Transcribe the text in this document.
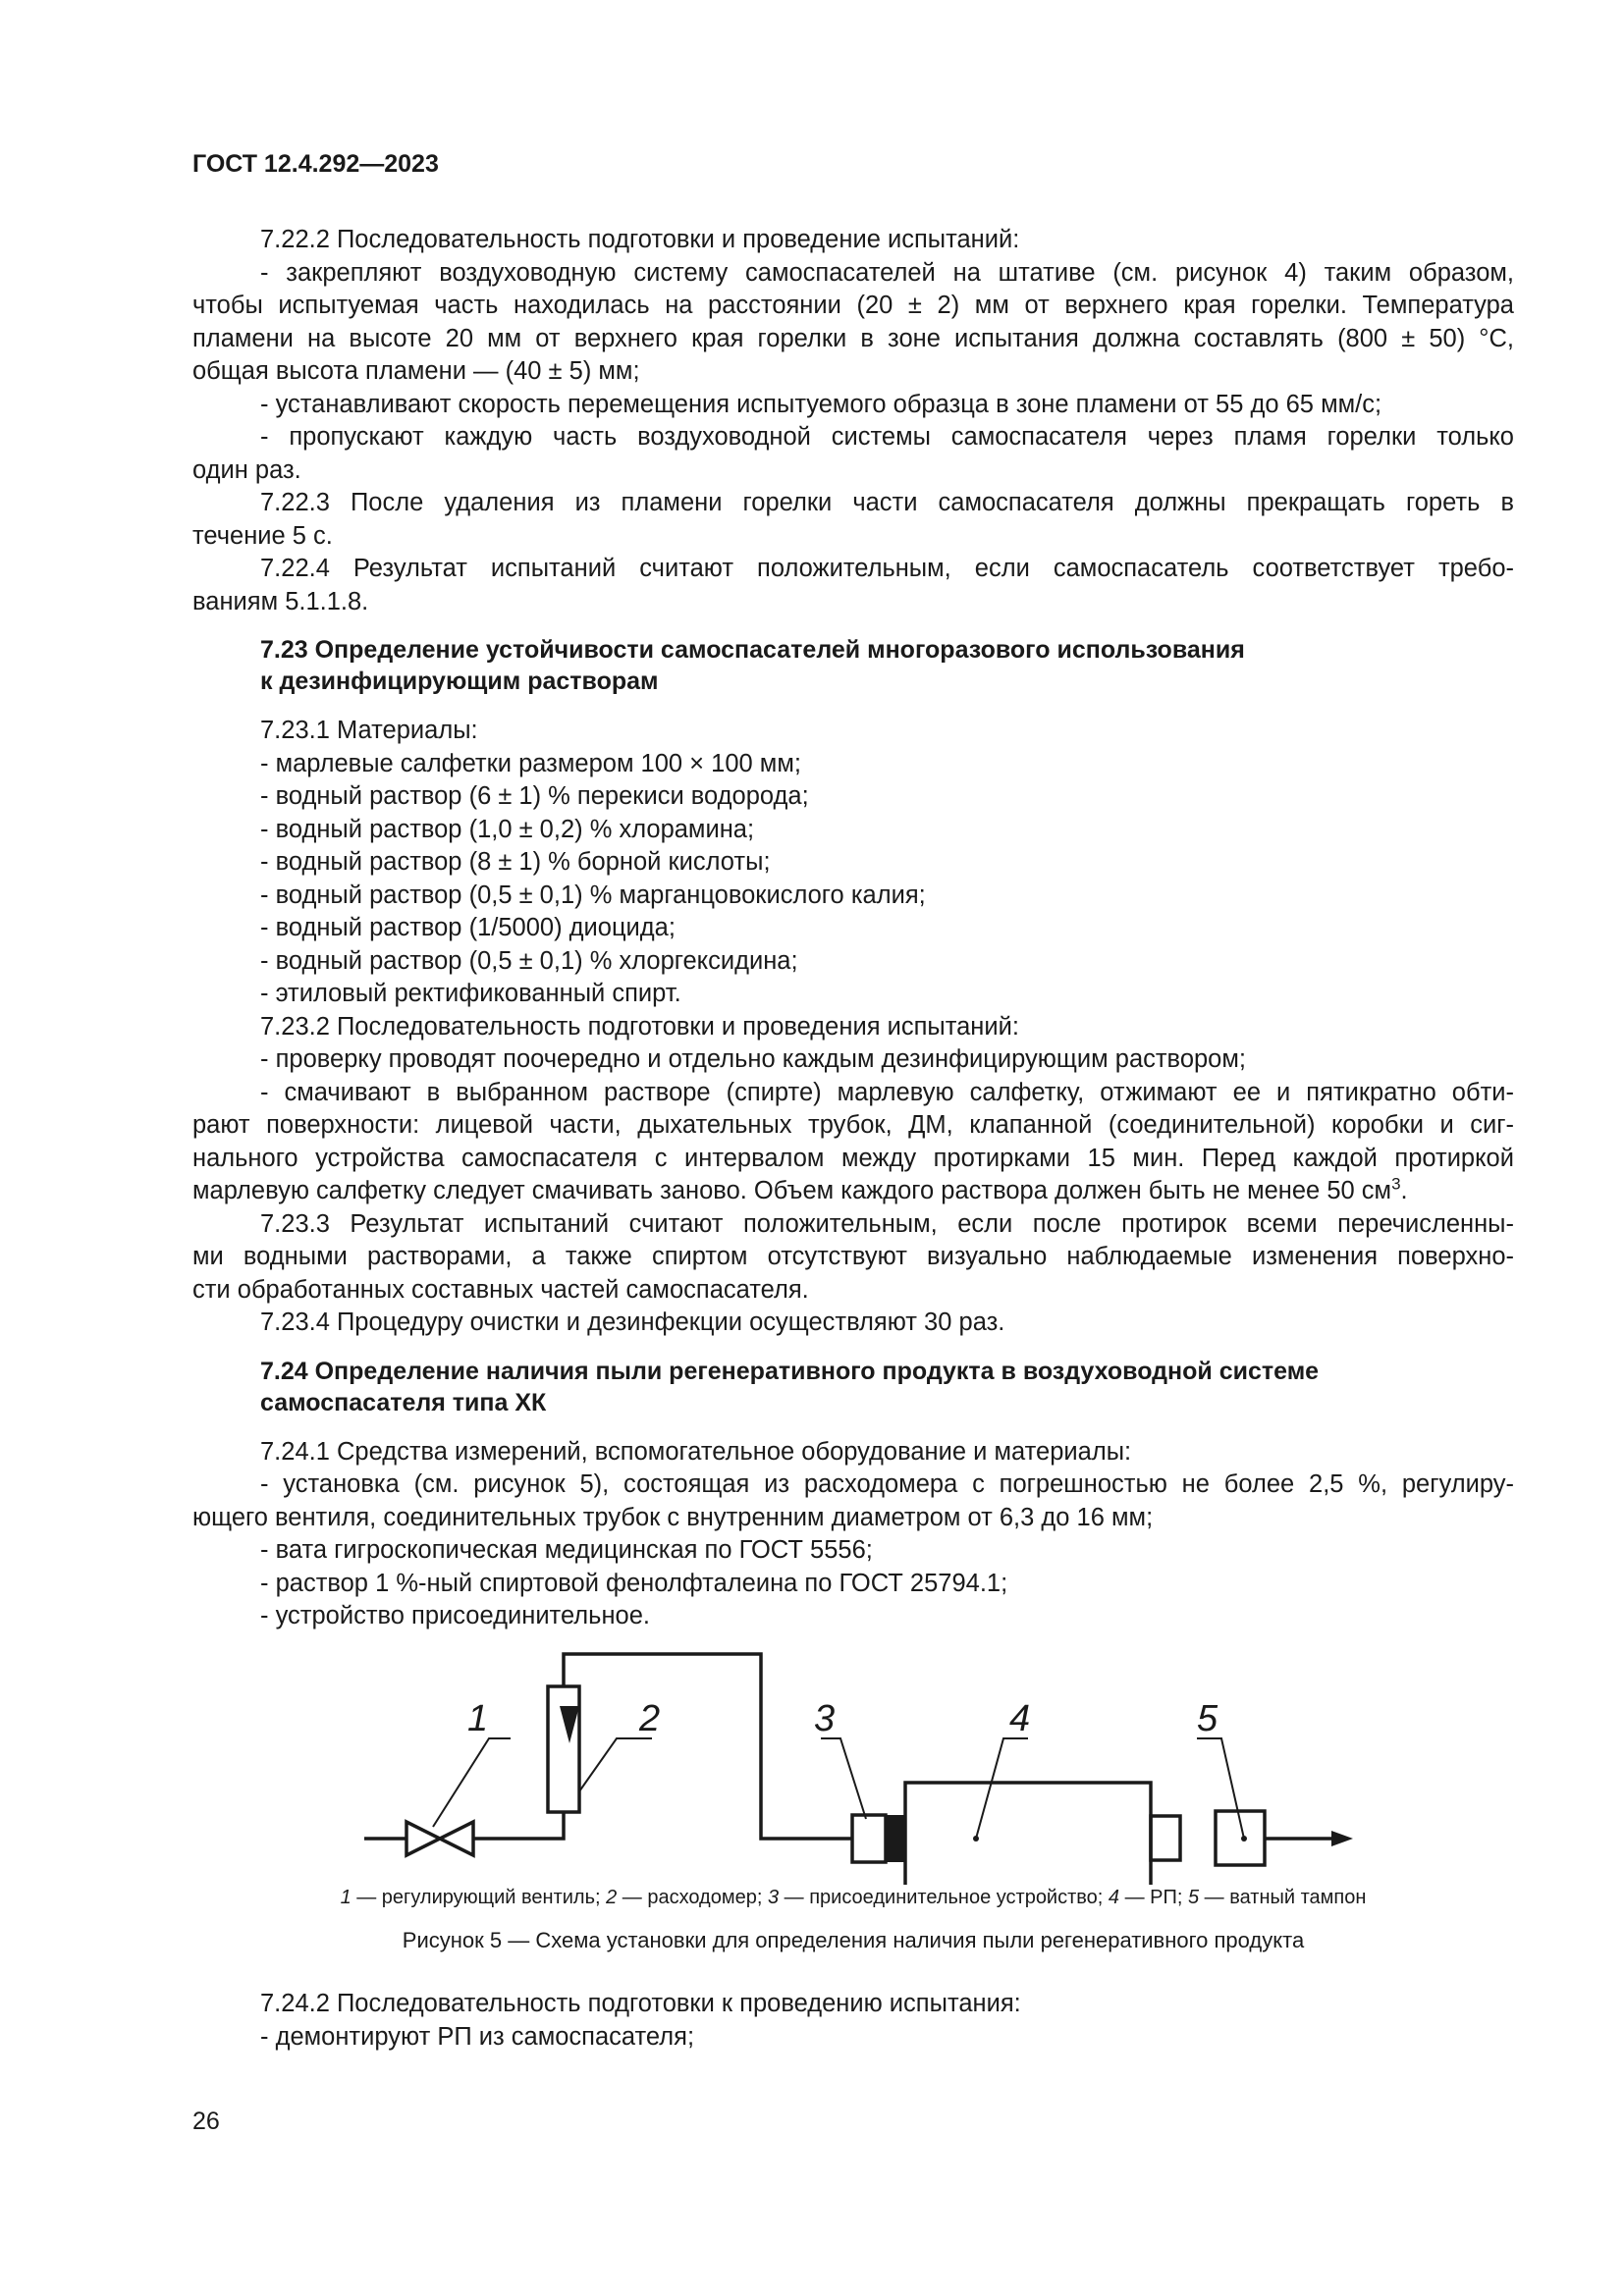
ГОСТ 12.4.292—2023

7.22.2 Последовательность подготовки и проведение испытаний:

- закрепляют воздуховодную систему самоспасателей на штативе (см. рисунок 4) таким образом,

чтобы испытуемая часть находилась на расстоянии (20 ± 2) мм от верхнего края горелки. Температура

пламени на высоте 20 мм от верхнего края горелки в зоне испытания должна составлять (800 ± 50) °С,

общая высота пламени — (40 ± 5) мм;

- устанавливают скорость перемещения испытуемого образца в зоне пламени от 55 до 65 мм/с;

- пропускают каждую часть воздуховодной системы самоспасателя через пламя горелки только

один раз.

7.22.3 После удаления из пламени горелки части самоспасателя должны прекращать гореть в

течение 5 с.

7.22.4 Результат испытаний считают положительным, если самоспасатель соответствует требо-

ваниям 5.1.1.8.

7.23 Определение устойчивости самоспасателей многоразового использования
к дезинфицирующим растворам

7.23.1 Материалы:

- марлевые салфетки размером 100 × 100 мм;

- водный раствор (6 ± 1) % перекиси водорода;

- водный раствор (1,0 ± 0,2) % хлорамина;

- водный раствор (8 ± 1) % борной кислоты;

- водный раствор (0,5 ± 0,1) % марганцовокислого калия;

- водный раствор (1/5000) диоцида;

- водный раствор (0,5 ± 0,1) % хлоргексидина;

- этиловый ректификованный спирт.

7.23.2 Последовательность подготовки и проведения испытаний:

- проверку проводят поочередно и отдельно каждым дезинфицирующим раствором;

- смачивают в выбранном растворе (спирте) марлевую салфетку, отжимают ее и пятикратно обти-

рают поверхности: лицевой части, дыхательных трубок, ДМ, клапанной (соединительной) коробки и сиг-

нального устройства самоспасателя с интервалом между протирками 15 мин. Перед каждой протиркой

марлевую салфетку следует смачивать заново. Объем каждого раствора должен быть не менее 50 $см^3$.

7.23.3 Результат испытаний считают положительным, если после протирок всеми перечисленны-

ми водными растворами, а также спиртом отсутствуют визуально наблюдаемые изменения поверхно-

сти обработанных составных частей самоспасателя.

7.23.4 Процедуру очистки и дезинфекции осуществляют 30 раз.

7.24 Определение наличия пыли регенеративного продукта в воздуховодной системе
самоспасателя типа ХК

7.24.1 Средства измерений, вспомогательное оборудование и материалы:

- установка (см. рисунок 5), состоящая из расходомера с погрешностью не более 2,5 %, регулиру-

ющего вентиля, соединительных трубок с внутренним диаметром от 6,3 до 16 мм;

- вата гигроскопическая медицинская по ГОСТ 5556;

- раствор 1 %-ный спиртовой фенолфталеина по ГОСТ 25794.1;

- устройство присоединительное.

1	2	3	4	5
1 — регулирующий вентиль; 2 — расходомер; 3 — присоединительное устройство; 4 — РП; 5 — ватный тампон
Рисунок 5 — Схема установки для определения наличия пыли регенеративного продукта

7.24.2 Последовательность подготовки к проведению испытания:

- демонтируют РП из самоспасателя;

26
